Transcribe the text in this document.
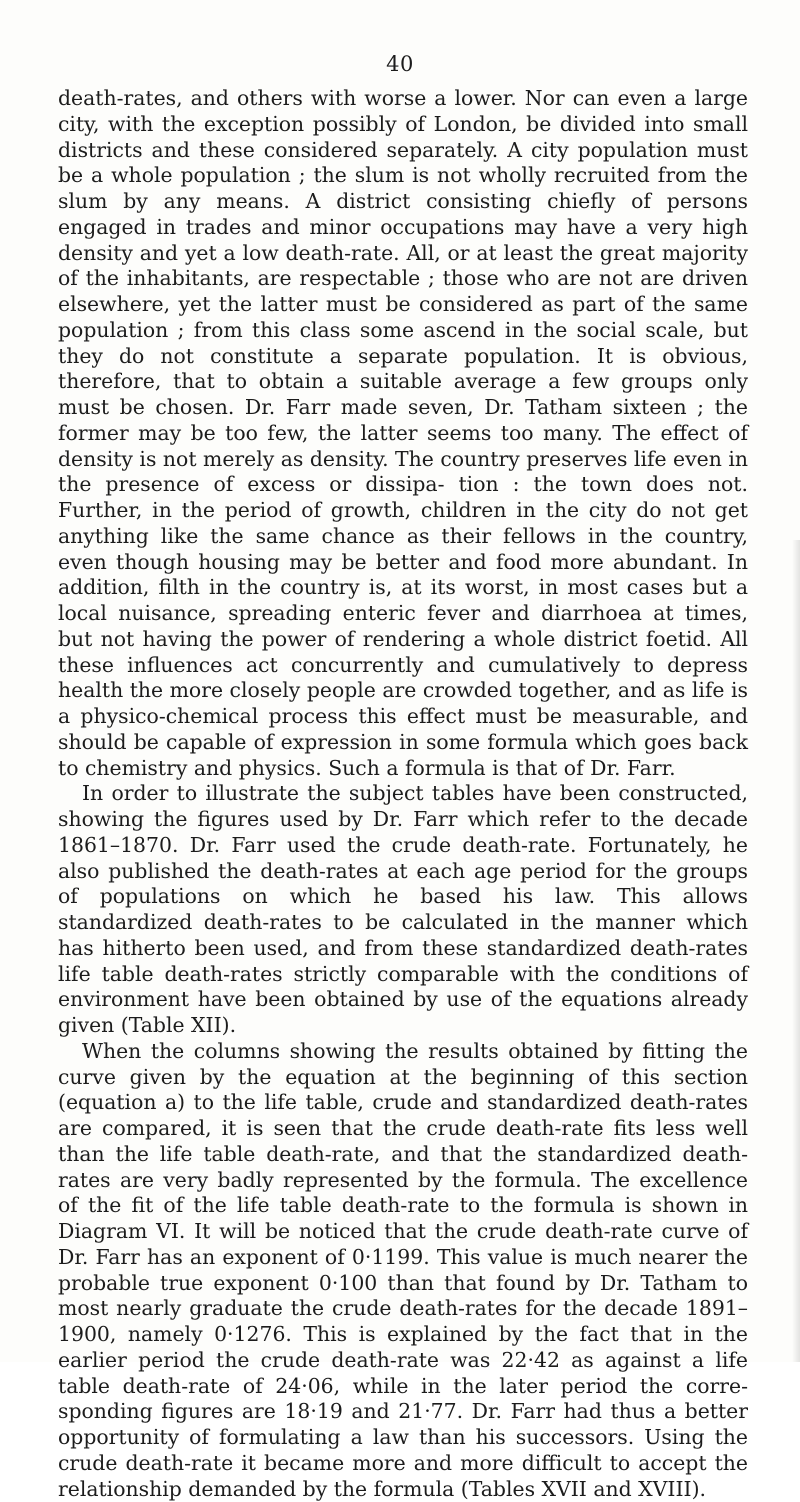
40

death-rates, and others with worse a lower. Nor can even a large city, with the exception possibly of London, be divided into small districts and these considered separately. A city population must be a whole population ; the slum is not wholly recruited from the slum by any means. A district consisting chiefly of persons engaged in trades and minor occupations may have a very high density and yet a low death-rate. All, or at least the great majority of the inhabitants, are respectable ; those who are not are driven elsewhere, yet the latter must be considered as part of the same population ; from this class some ascend in the social scale, but they do not constitute a separate population. It is obvious, therefore, that to obtain a suitable average a few groups only must be chosen. Dr. Farr made seven, Dr. Tatham sixteen ; the former may be too few, the latter seems too many. The effect of density is not merely as density. The country preserves life even in the presence of excess or dissipa- tion : the town does not. Further, in the period of growth, children in the city do not get anything like the same chance as their fellows in the country, even though housing may be better and food more abundant. In addition, filth in the country is, at its worst, in most cases but a local nuisance, spreading enteric fever and diarrhoea at times, but not having the power of rendering a whole district foetid. All these influences act concurrently and cumulatively to depress health the more closely people are crowded together, and as life is a physico-chemical process this effect must be measurable, and should be capable of expression in some formula which goes back to chemistry and physics. Such a formula is that of Dr. Farr.

In order to illustrate the subject tables have been constructed, showing the figures used by Dr. Farr which refer to the decade 1861–1870. Dr. Farr used the crude death-rate. Fortunately, he also published the death-rates at each age period for the groups of populations on which he based his law. This allows standardized death-rates to be calculated in the manner which has hitherto been used, and from these standardized death-rates life table death-rates strictly comparable with the conditions of environment have been obtained by use of the equations already given (Table XII).

When the columns showing the results obtained by fitting the curve given by the equation at the beginning of this section (equation a) to the life table, crude and standardized death-rates are compared, it is seen that the crude death-rate fits less well than the life table death-rate, and that the standardized death-rates are very badly represented by the formula. The excellence of the fit of the life table death-rate to the formula is shown in Diagram VI. It will be noticed that the crude death-rate curve of Dr. Farr has an exponent of 0·1199. This value is much nearer the probable true exponent 0·100 than that found by Dr. Tatham to most nearly graduate the crude death-rates for the decade 1891–1900, namely 0·1276. This is explained by the fact that in the earlier period the crude death-rate was 22·42 as against a life table death-rate of 24·06, while in the later period the corre- sponding figures are 18·19 and 21·77. Dr. Farr had thus a better opportunity of formulating a law than his successors. Using the crude death-rate it became more and more difficult to accept the relationship demanded by the formula (Tables XVII and XVIII).
